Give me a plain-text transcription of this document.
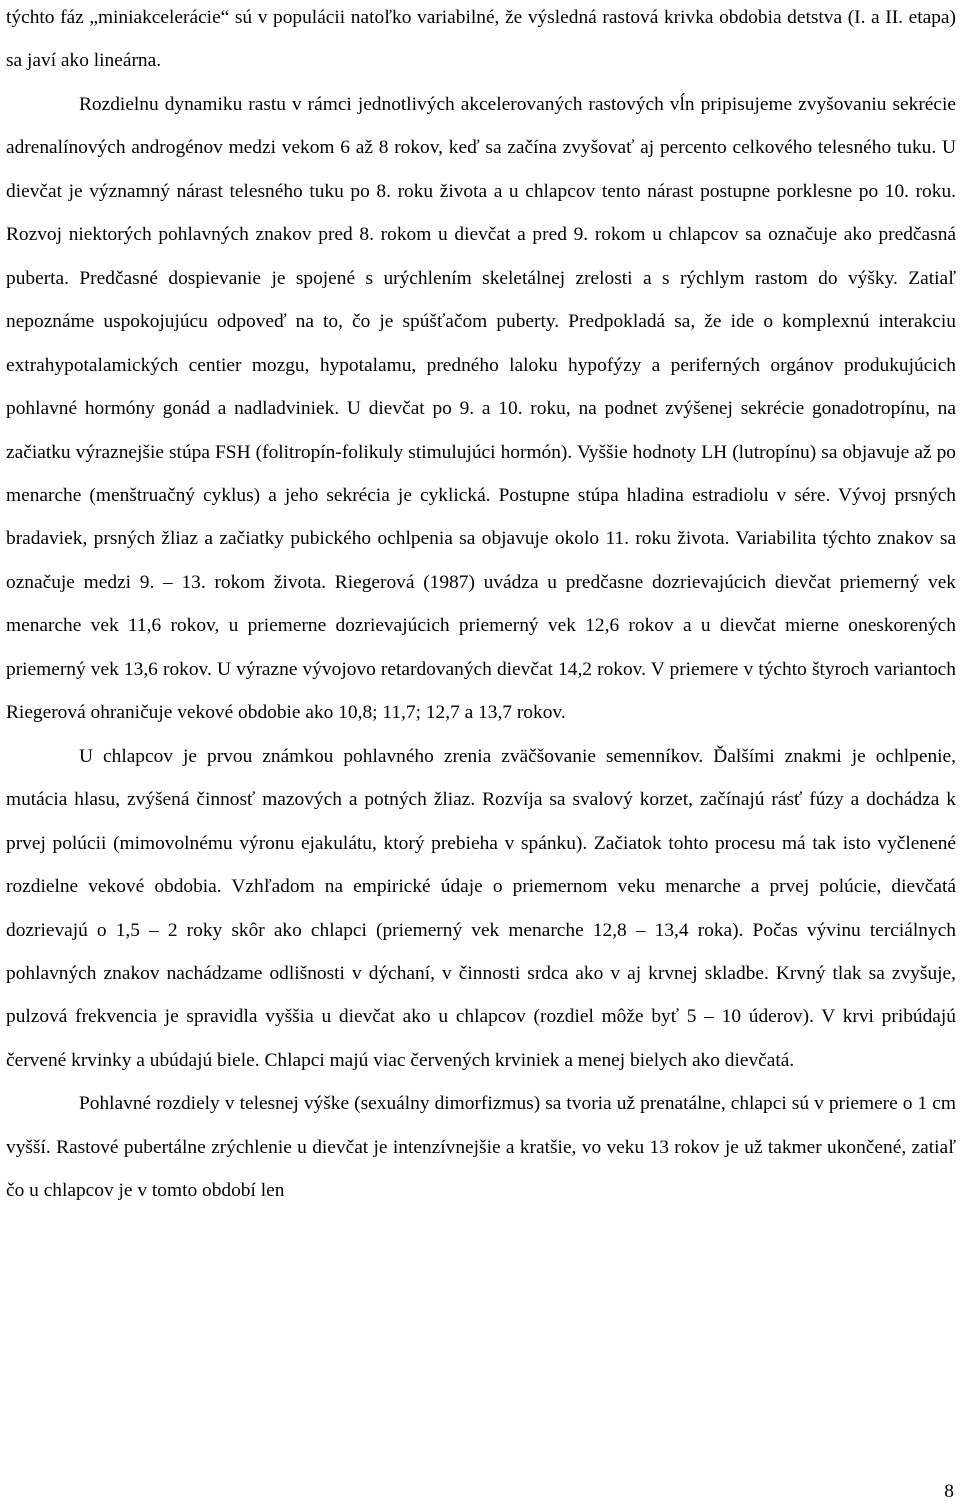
týchto fáz „miniakcelerácie“ sú v populácii natoľko variabilné, že výsledná rastová krivka obdobia detstva (I. a II. etapa) sa javí ako lineárna.

Rozdielnu dynamiku rastu v rámci jednotlivých akcelerovaných rastových vĺn pripisujeme zvyšovaniu sekrécie adrenalínových androgénov medzi vekom 6 až 8 rokov, keď sa začína zvyšovať aj percento celkového telesného tuku. U dievčat je významný nárast telesného tuku po 8. roku života a u chlapcov tento nárast postupne porklesne po 10. roku. Rozvoj niektorých pohlavných znakov pred 8. rokom u dievčat a pred 9. rokom u chlapcov sa označuje ako predčasná puberta. Predčasné dospievanie je spojené s urýchlením skeletálnej zrelosti a s rýchlym rastom do výšky. Zatiaľ nepoznáme uspokojujúcu odpoveď na to, čo je spúšťačom puberty. Predpokladá sa, že ide o komplexnú interakciu extrahypotalamických centier mozgu, hypotalamu, predného laloku hypofýzy a periferných orgánov produkujúcich pohlavné hormóny gonád a nadladviniek. U dievčat po 9. a 10. roku, na podnet zvýšenej sekrécie gonadotropínu, na začiatku výraznejšie stúpa FSH (folitropín-folikuly stimulujúci hormón). Vyššie hodnoty LH (lutropínu) sa objavuje až po menarche (menštruačný cyklus) a jeho sekrécia je cyklická. Postupne stúpa hladina estradiolu v sére. Vývoj prsných bradaviek, prsných žliaz a začiatky pubického ochlpenia sa objavuje okolo 11. roku života. Variabilita týchto znakov sa označuje medzi 9. – 13. rokom života. Riegerová (1987) uvádza u predčasne dozrievajúcich dievčat priemerný vek menarche vek 11,6 rokov, u priemerne dozrievajúcich priemerný vek 12,6 rokov a u dievčat mierne oneskorených priemerný vek 13,6 rokov. U výrazne vývojovo retardovaných dievčat 14,2 rokov. V priemere v týchto štyroch variantoch Riegerová ohraničuje vekové obdobie ako 10,8; 11,7; 12,7 a 13,7 rokov.

U chlapcov je prvou známkou pohlavného zrenia zväčšovanie semenníkov. Ďalšími znakmi je ochlpenie, mutácia hlasu, zvýšená činnosť mazových a potných žliaz. Rozvíja sa svalový korzet, začínajú rásť fúzy a dochádza k prvej polúcii (mimovolnému výronu ejakulátu, ktorý prebieha v spánku). Začiatok tohto procesu má tak isto vyčlenené rozdielne vekové obdobia. Vzhľadom na empirické údaje o priemernom veku menarche a prvej polúcie, dievčatá dozrievajú o 1,5 – 2 roky skôr ako chlapci (priemerný vek menarche 12,8 – 13,4 roka). Počas vývinu terciálnych pohlavných znakov nachádzame odlišnosti v dýchaní, v činnosti srdca ako v aj krvnej skladbe. Krvný tlak sa zvyšuje, pulzová frekvencia je spravidla vyššia u dievčat ako u chlapcov (rozdiel môže byť 5 – 10 úderov). V krvi pribúdajú červené krvinky a ubúdajú biele. Chlapci majú viac červených krviniek a menej bielych ako dievčatá.

Pohlavné rozdiely v telesnej výške (sexuálny dimorfizmus) sa tvoria už prenatálne, chlapci sú v priemere o 1 cm vyšší. Rastové pubertálne zrýchlenie u dievčat je intenzívnejšie a kratšie, vo veku 13 rokov je už takmer ukončené, zatiaľ čo u chlapcov je v tomto období len

8
